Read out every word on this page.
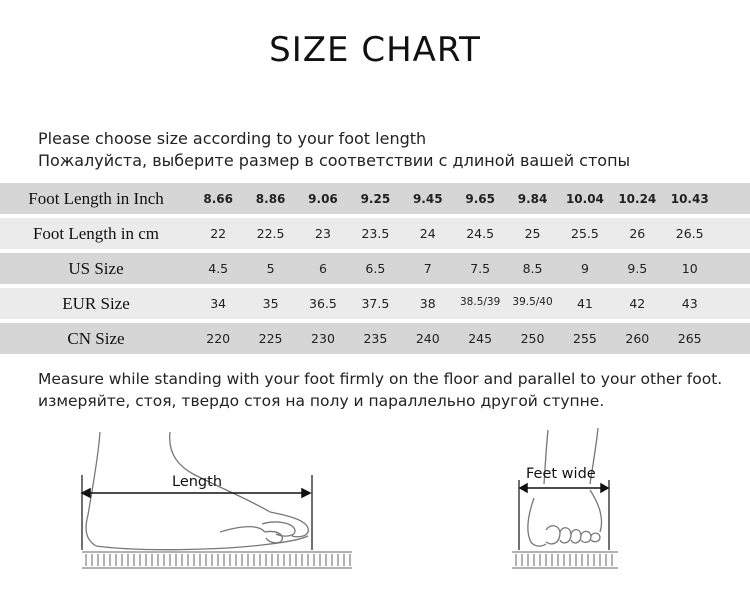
SIZE CHART
Please choose size according to your foot length
Пожалуйста, выберите размер в соответствии с длиной вашей стопы
Foot Length in Inch	8.66	8.86	9.06	9.25	9.45	9.65	9.84	10.04	10.24	10.43
Foot Length in cm	22	22.5	23	23.5	24	24.5	25	25.5	26	26.5
US Size	4.5	5	6	6.5	7	7.5	8.5	9	9.5	10
EUR Size	34	35	36.5	37.5	38	38.5/39	39.5/40	41	42	43
CN Size	220	225	230	235	240	245	250	255	260	265
Measure while standing with your foot firmly on the floor and parallel to your other foot.
измеряйте, стоя, твердо стоя на полу и параллельно другой ступне.
Length	Feet wide
